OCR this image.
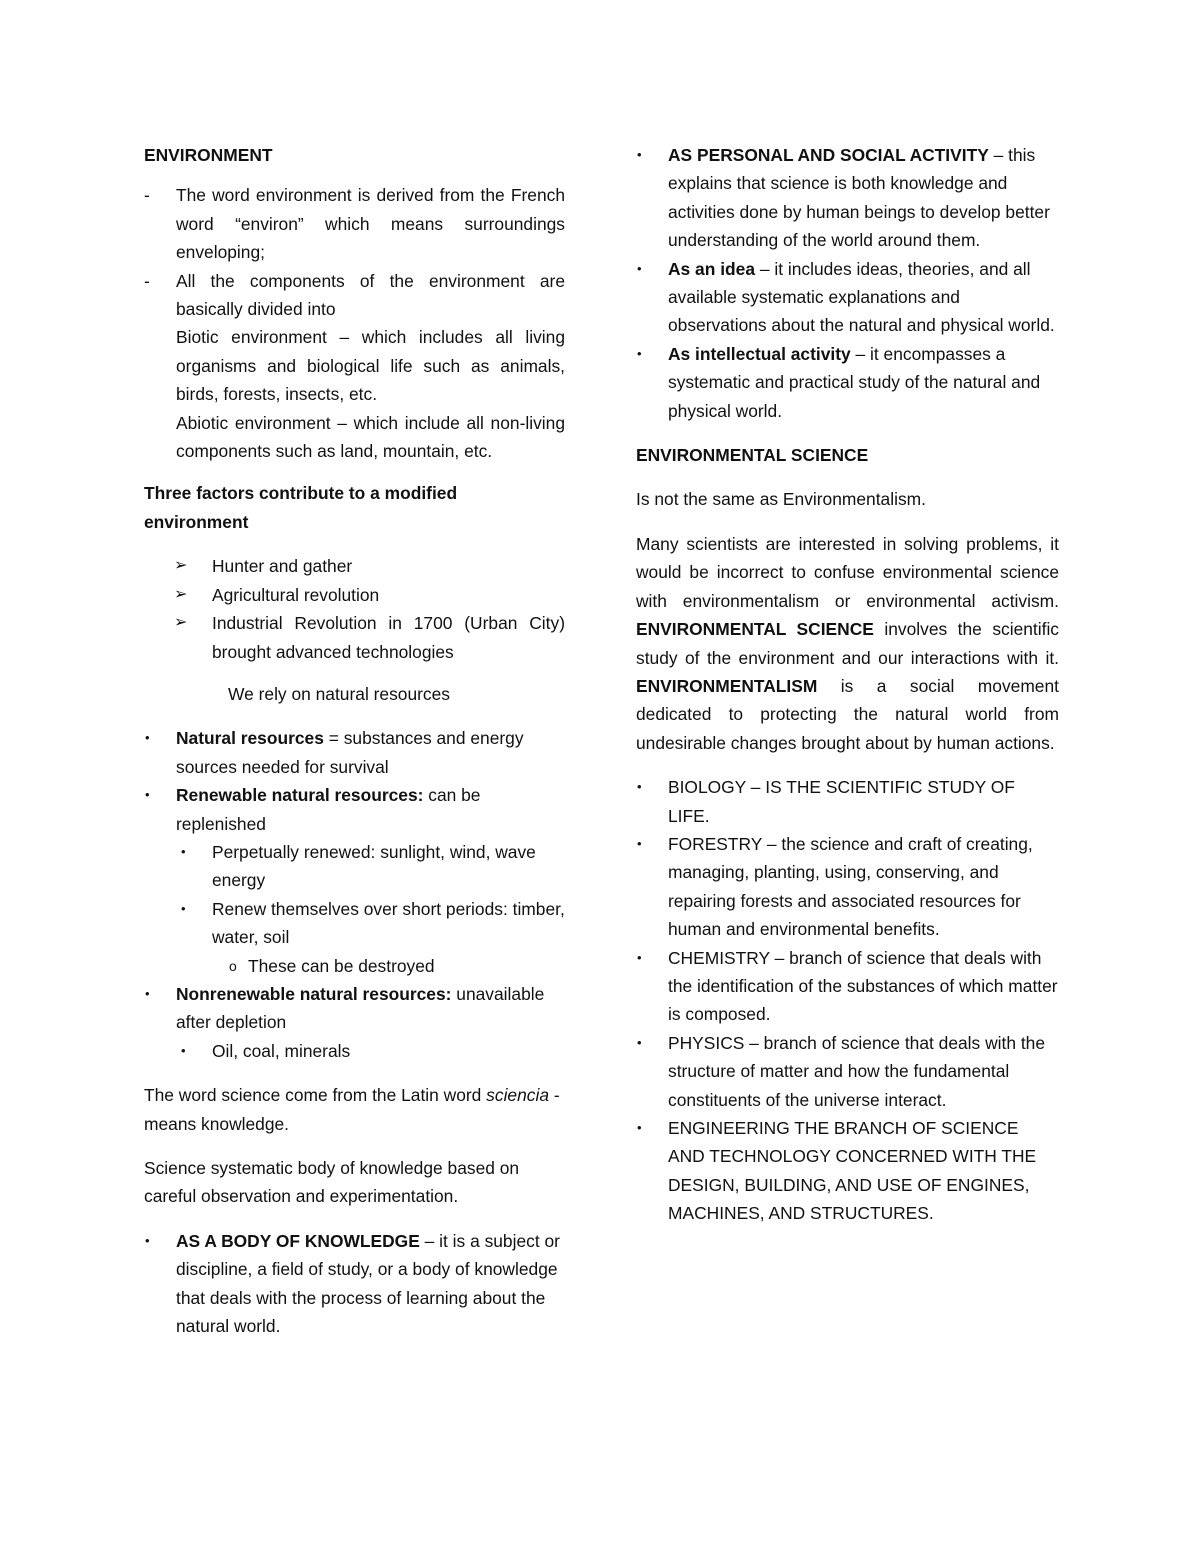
ENVIRONMENT

- The word environment is derived from the French word “environ” which means surroundings enveloping;
- All the components of the environment are basically divided into

Biotic environment – which includes all living organisms and biological life such as animals, birds, forests, insects, etc.

Abiotic environment – which include all non-living components such as land, mountain, etc.

Three factors contribute to a modified environment

➢ Hunter and gather
➢ Agricultural revolution
➢ Industrial Revolution in 1700 (Urban City) brought advanced technologies

We rely on natural resources

• Natural resources = substances and energy sources needed for survival
• Renewable natural resources: can be replenished
• Perpetually renewed: sunlight, wind, wave energy
• Renew themselves over short periods: timber, water, soil
o These can be destroyed
• Nonrenewable natural resources: unavailable after depletion
• Oil, coal, minerals

The word science come from the Latin word sciencia - means knowledge.

Science systematic body of knowledge based on careful observation and experimentation.

• AS A BODY OF KNOWLEDGE – it is a subject or discipline, a field of study, or a body of knowledge that deals with the process of learning about the natural world.
• AS PERSONAL AND SOCIAL ACTIVITY – this explains that science is both knowledge and activities done by human beings to develop better understanding of the world around them.
• As an idea – it includes ideas, theories, and all available systematic explanations and observations about the natural and physical world.
• As intellectual activity – it encompasses a systematic and practical study of the natural and physical world.

ENVIRONMENTAL SCIENCE

Is not the same as Environmentalism.

Many scientists are interested in solving problems, it would be incorrect to confuse environmental science with environmentalism or environmental activism. ENVIRONMENTAL SCIENCE involves the scientific study of the environment and our interactions with it. ENVIRONMENTALISM is a social movement dedicated to protecting the natural world from undesirable changes brought about by human actions.

• BIOLOGY – IS THE SCIENTIFIC STUDY OF LIFE.
• FORESTRY – the science and craft of creating, managing, planting, using, conserving, and repairing forests and associated resources for human and environmental benefits.
• CHEMISTRY – branch of science that deals with the identification of the substances of which matter is composed.
• PHYSICS – branch of science that deals with the structure of matter and how the fundamental constituents of the universe interact.
• ENGINEERING THE BRANCH OF SCIENCE AND TECHNOLOGY CONCERNED WITH THE DESIGN, BUILDING, AND USE OF ENGINES, MACHINES, AND STRUCTURES.
